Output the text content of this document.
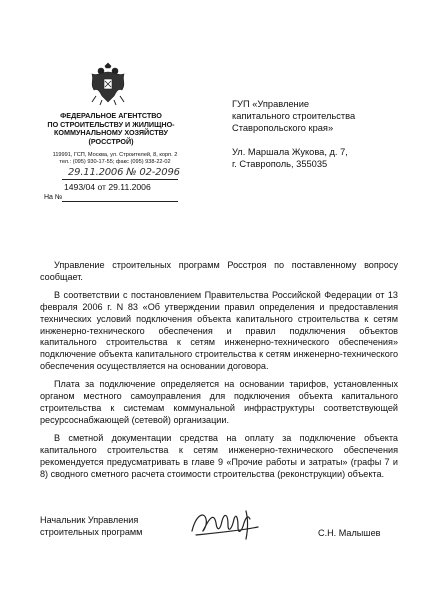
ФЕДЕРАЛЬНОЕ АГЕНТСТВО
ПО СТРОИТЕЛЬСТВУ И ЖИЛИЩНО-
КОММУНАЛЬНОМУ ХОЗЯЙСТВУ
(РОССТРОЙ)
119991, ГСП, Москва, ул. Строителей, 8, корп. 2
тел.: (095) 930-17-55; факс (095) 938-22-02
29.11.2006 № 02-2096
1493/04 от 29.11.2006
На №
ГУП «Управление
капитального строительства
Ставропольского края»
Ул. Маршала Жукова, д. 7,
г. Ставрополь, 355035

Управление строительных программ Росстроя по поставленному вопросу сообщает.

В соответствии с постановлением Правительства Российской Федерации от 13 февраля 2006 г. N 83 «Об утверждении правил определения и предоставления технических условий подключения объекта капитального строительства к сетям инженерно-технического обеспечения и правил подключения объектов капитального строительства к сетям инженерно-технического обеспечения» подключение объекта капитального строительства к сетям инженерно-технического обеспечения осуществляется на основании договора.

Плата за подключение определяется на основании тарифов, установленных органом местного самоуправления для подключения объекта капитального строительства к системам коммунальной инфраструктуры соответствующей ресурсоснабжающей (сетевой) организации.

В сметной документации средства на оплату за подключение объекта капитального строительства к сетям инженерно-технического обеспечения рекомендуется предусматривать в главе 9 «Прочие работы и затраты» (графы 7 и 8) сводного сметного расчета стоимости строительства (реконструкции) объекта.

Начальник Управления
строительных программ	С.Н. Малышев
